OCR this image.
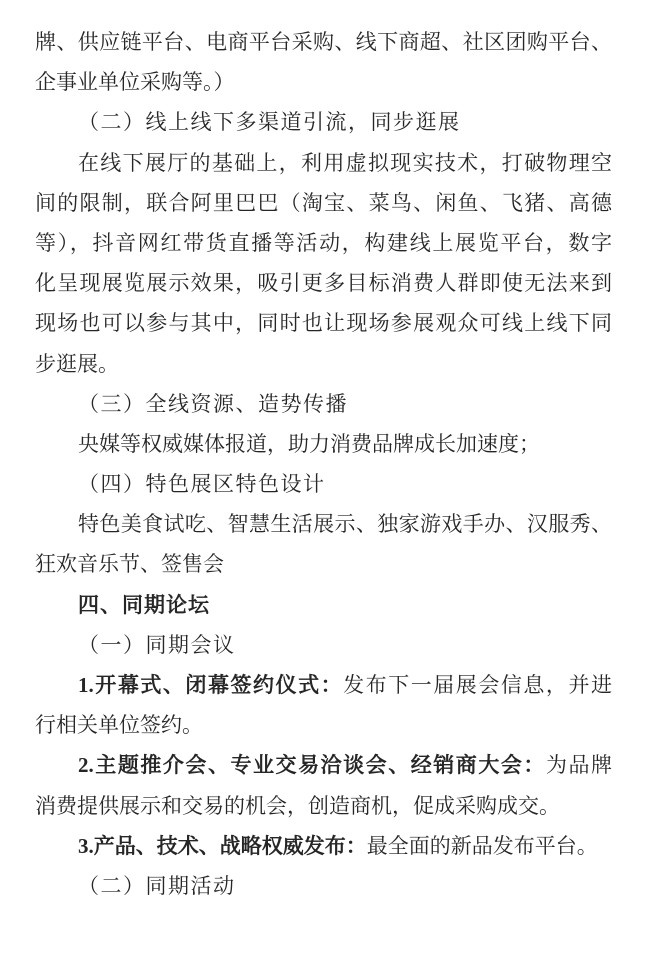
牌、供应链平台、电商平台采购、线下商超、社区团购平台、
企事业单位采购等。）
（二）线上线下多渠道引流，同步逛展
在线下展厅的基础上，利用虚拟现实技术，打破物理空
间的限制，联合阿里巴巴（淘宝、菜鸟、闲鱼、飞猪、高德
等），抖音网红带货直播等活动，构建线上展览平台，数字
化呈现展览展示效果，吸引更多目标消费人群即使无法来到
现场也可以参与其中，同时也让现场参展观众可线上线下同
步逛展。
（三）全线资源、造势传播
央媒等权威媒体报道，助力消费品牌成长加速度；
（四）特色展区特色设计
特色美食试吃、智慧生活展示、独家游戏手办、汉服秀、
狂欢音乐节、签售会
四、同期论坛
（一）同期会议
1.开幕式、闭幕签约仪式：发布下一届展会信息，并进
行相关单位签约。
2.主题推介会、专业交易洽谈会、经销商大会：为品牌
消费提供展示和交易的机会，创造商机，促成采购成交。
3.产品、技术、战略权威发布：最全面的新品发布平台。
（二）同期活动
